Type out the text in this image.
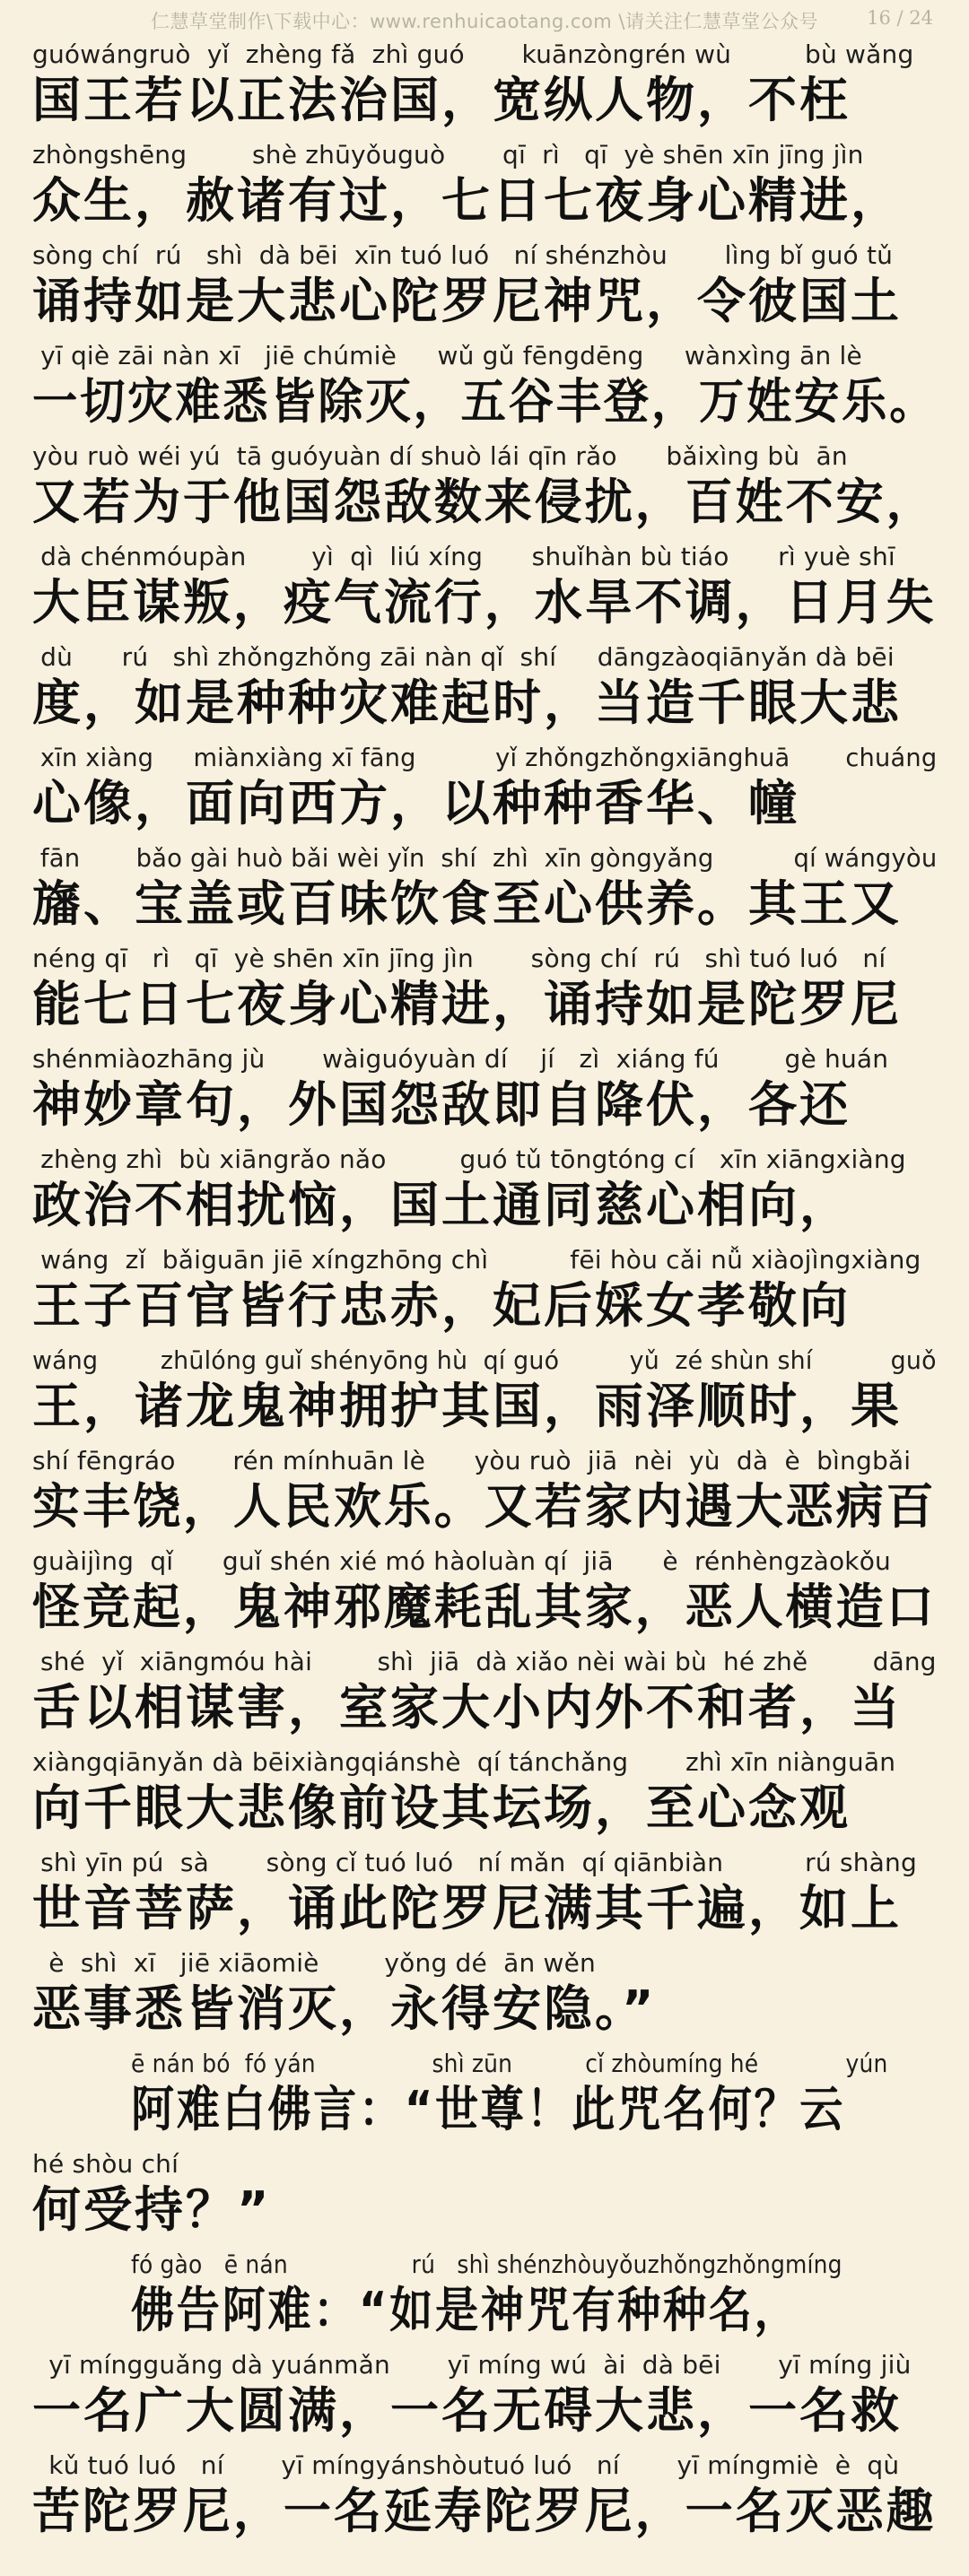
仁慧草堂制作\下载中心：www.renhuicaotang.com \请关注仁慧草堂公众号	16 / 24
guówángruò  yǐ  zhèng fǎ  zhì guó       kuānzòngrén wù         bù wǎng
国王若以正法治国，宽纵人物，不枉
zhòngshēng        shè zhūyǒuguò       qī  rì   qī  yè shēn xīn jīng jìn
众生，赦诸有过，七日七夜身心精进，
sòng chí  rú   shì  dà bēi  xīn tuó luó   ní shénzhòu       lìng bǐ guó tǔ
诵持如是大悲心陀罗尼神咒，令彼国土
yī qiè zāi nàn xī   jiē chúmiè     wǔ gǔ fēngdēng     wànxìng ān lè
一切灾难悉皆除灭，五谷丰登，万姓安乐。
yòu ruò wéi yú  tā guóyuàn dí shuò lái qīn rǎo      bǎixìng bù  ān
又若为于他国怨敌数来侵扰，百姓不安，
dà chénmóupàn        yì  qì  liú xíng      shuǐhàn bù tiáo      rì yuè shī
大臣谋叛，疫气流行，水旱不调，日月失
dù      rú   shì zhǒngzhǒng zāi nàn qǐ  shí     dāngzàoqiānyǎn dà bēi
度，如是种种灾难起时，当造千眼大悲
xīn xiàng     miànxiàng xī fāng          yǐ zhǒngzhǒngxiānghuā       chuáng
心像，面向西方，以种种香华、幢
fān       bǎo gài huò bǎi wèi yǐn  shí  zhì  xīn gòngyǎng          qí wángyòu
旛、宝盖或百味饮食至心供养。其王又
néng qī   rì   qī  yè shēn xīn jīng jìn       sòng chí  rú   shì tuó luó   ní
能七日七夜身心精进，诵持如是陀罗尼
shénmiàozhāng jù       wàiguóyuàn dí    jí   zì  xiáng fú        gè huán
神妙章句，外国怨敌即自降伏，各还
zhèng zhì  bù xiāngrǎo nǎo         guó tǔ tōngtóng cí   xīn xiāngxiàng
政治不相扰恼，国土通同慈心相向，
wáng  zǐ  bǎiguān jiē xíngzhōng chì          fēi hòu cǎi nǚ xiàojìngxiàng
王子百官皆行忠赤，妃后婇女孝敬向
wáng        zhūlóng guǐ shényōng hù  qí guó         yǔ  zé shùn shí          guǒ
王，诸龙鬼神拥护其国，雨泽顺时，果
shí fēngráo       rén mínhuān lè      yòu ruò  jiā  nèi  yù  dà  è  bìngbǎi
实丰饶，人民欢乐。又若家内遇大恶病百
guàijìng  qǐ      guǐ shén xié mó hàoluàn qí  jiā      è  rénhèngzàokǒu
怪竞起，鬼神邪魔耗乱其家，恶人横造口
shé  yǐ  xiāngmóu hài        shì  jiā  dà xiǎo nèi wài bù  hé zhě        dāng
舌以相谋害，室家大小内外不和者，当
xiàngqiānyǎn dà bēixiàngqiánshè  qí tánchǎng       zhì xīn niànguān
向千眼大悲像前设其坛场，至心念观
shì yīn pú  sà       sòng cǐ tuó luó   ní mǎn  qí qiānbiàn          rú shàng
世音菩萨，诵此陀罗尼满其千遍，如上
è  shì  xī   jiē xiāomiè        yǒng dé  ān wěn
恶事悉皆消灭，永得安隐。”
ē nán bó  fó yán                shì zūn          cǐ zhòumíng hé            yún
阿难白佛言：“世尊！此咒名何？云
hé shòu chí
何受持？”
fó gào   ē nán                 rú   shì shénzhòuyǒuzhǒngzhǒngmíng
佛告阿难：“如是神咒有种种名，
yī míngguǎng dà yuánmǎn       yī míng wú  ài  dà bēi       yī míng jiù
一名广大圆满，一名无碍大悲，一名救
kǔ tuó luó   ní       yī míngyánshòutuó luó   ní       yī míngmiè  è  qù
苦陀罗尼，一名延寿陀罗尼，一名灭恶趣
